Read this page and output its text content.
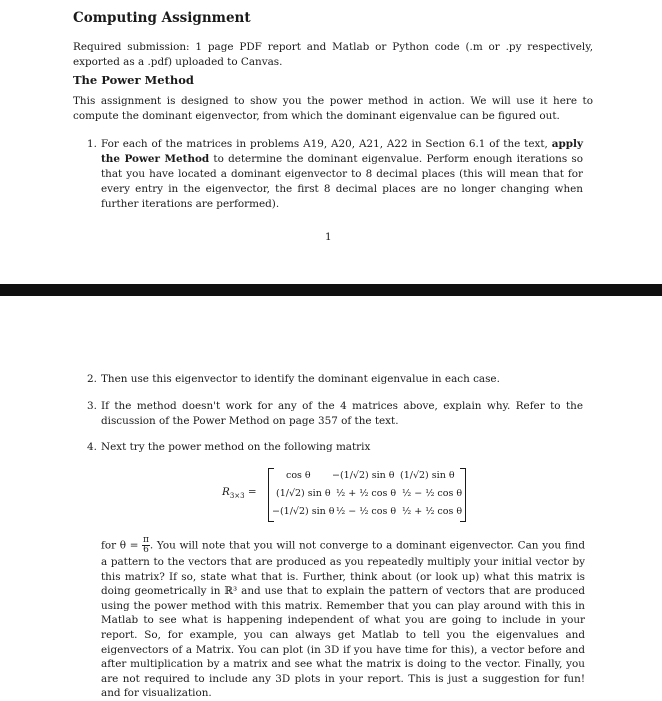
Computing Assignment
Required submission: 1 page PDF report and Matlab or Python code (.m or .py respectively, exported as a .pdf) uploaded to Canvas.
The Power Method
This assignment is designed to show you the power method in action. We will use it here to compute the dominant eigenvector, from which the dominant eigenvalue can be figured out.
1. For each of the matrices in problems A19, A20, A21, A22 in Section 6.1 of the text, apply the Power Method to determine the dominant eigenvalue. Perform enough iterations so that you have located a dominant eigenvector to 8 decimal places (this will mean that for every entry in the eigenvector, the first 8 decimal places are no longer changing when further iterations are performed).
1
2. Then use this eigenvector to identify the dominant eigenvalue in each case.
3. If the method doesn't work for any of the 4 matrices above, explain why. Refer to the discussion of the Power Method on page 357 of the text.
4. Next try the power method on the following matrix
$R_{3\times 3}$ =
cos θ −(1/√2) sin θ (1/√2) sin θ
(1/√2) sin θ ½ + ½ cos θ ½ − ½ cos θ
−(1/√2) sin θ ½ − ½ cos θ ½ + ½ cos θ
for $\theta = \frac{\pi}{6}$. You will note that you will not converge to a dominant eigenvector. Can you find a pattern to the vectors that are produced as you repeatedly multiply your initial vector by this matrix? If so, state what that is. Further, think about (or look up) what this matrix is doing geometrically in ℝ³ and use that to explain the pattern of vectors that are produced using the power method with this matrix. Remember that you can play around with this in Matlab to see what is happening independent of what you are going to include in your report. So, for example, you can always get Matlab to tell you the eigenvalues and eigenvectors of a Matrix. You can plot (in 3D if you have time for this), a vector before and after multiplication by a matrix and see what the matrix is doing to the vector. Finally, you are not required to include any 3D plots in your report. This is just a suggestion for fun! and for visualization.
